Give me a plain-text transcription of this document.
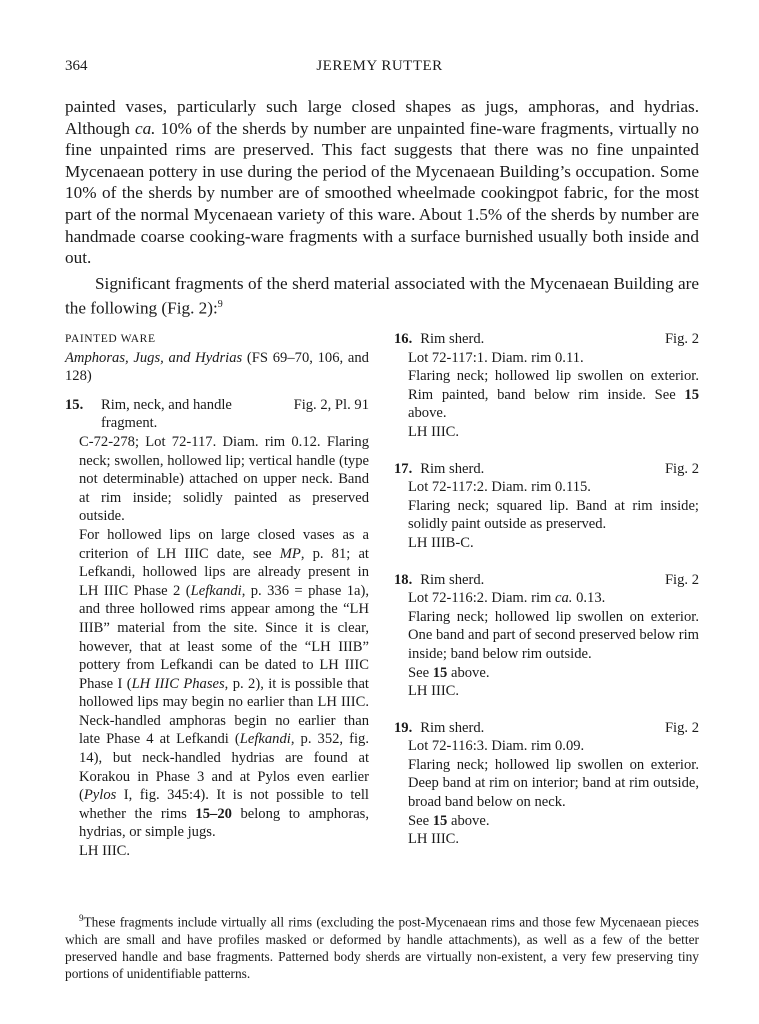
364	JEREMY RUTTER

painted vases, particularly such large closed shapes as jugs, amphoras, and hydrias. Although ca. 10% of the sherds by number are unpainted fine-ware fragments, virtually no fine unpainted rims are preserved. This fact suggests that there was no fine unpainted Mycenaean pottery in use during the period of the Mycenaean Building’s occupation. Some 10% of the sherds by number are of smoothed wheelmade cookingpot fabric, for the most part of the normal Mycenaean variety of this ware. About 1.5% of the sherds by number are handmade coarse cooking-ware fragments with a surface burnished usually both inside and out.

Significant fragments of the sherd material associated with the Mycenaean Building are the following (Fig. 2):$^9$

PAINTED WARE

Amphoras, Jugs, and Hydrias (FS 69–70, 106, and 128)

15.	Rim, neck, and handle fragment.
Fig. 2, Pl. 91

C-72-278; Lot 72-117. Diam. rim 0.12. Flaring neck; swollen, hollowed lip; vertical handle (type not determinable) attached on upper neck. Band at rim inside; solidly painted as preserved outside.

For hollowed lips on large closed vases as a criterion of LH IIIC date, see MP, p. 81; at Lefkandi, hollowed lips are already present in LH IIIC Phase 2 (Lefkandi, p. 336 = phase 1a), and three hollowed rims appear among the “LH IIIB” material from the site. Since it is clear, however, that at least some of the “LH IIIB” pottery from Lefkandi can be dated to LH IIIC Phase I (LH IIIC Phases, p. 2), it is possible that hollowed lips may begin no earlier than LH IIIC. Neck-handled amphoras begin no earlier than late Phase 4 at Lefkandi (Lefkandi, p. 352, fig. 14), but neck-handled hydrias are found at Korakou in Phase 3 and at Pylos even earlier (Pylos I, fig. 345:4). It is not possible to tell whether the rims 15–20 belong to amphoras, hydrias, or simple jugs.

LH IIIC.

16. Rim sherd.	Fig. 2

Lot 72-117:1. Diam. rim 0.11.

Flaring neck; hollowed lip swollen on exterior. Rim painted, band below rim inside. See 15 above.

LH IIIC.

17. Rim sherd.	Fig. 2

Lot 72-117:2. Diam. rim 0.115.

Flaring neck; squared lip. Band at rim inside; solidly paint outside as preserved.

LH IIIB-C.

18. Rim sherd.	Fig. 2

Lot 72-116:2. Diam. rim ca. 0.13.

Flaring neck; hollowed lip swollen on exterior. One band and part of second preserved below rim inside; band below rim outside.

See 15 above.

LH IIIC.

19. Rim sherd.	Fig. 2

Lot 72-116:3. Diam. rim 0.09.

Flaring neck; hollowed lip swollen on exterior. Deep band at rim on interior; band at rim outside, broad band below on neck.

See 15 above.

LH IIIC.

$^9$These fragments include virtually all rims (excluding the post-Mycenaean rims and those few Mycenaean pieces which are small and have profiles masked or deformed by handle attachments), as well as a few of the better preserved handle and base fragments. Patterned body sherds are virtually non-existent, a very few preserving tiny portions of unidentifiable patterns.
